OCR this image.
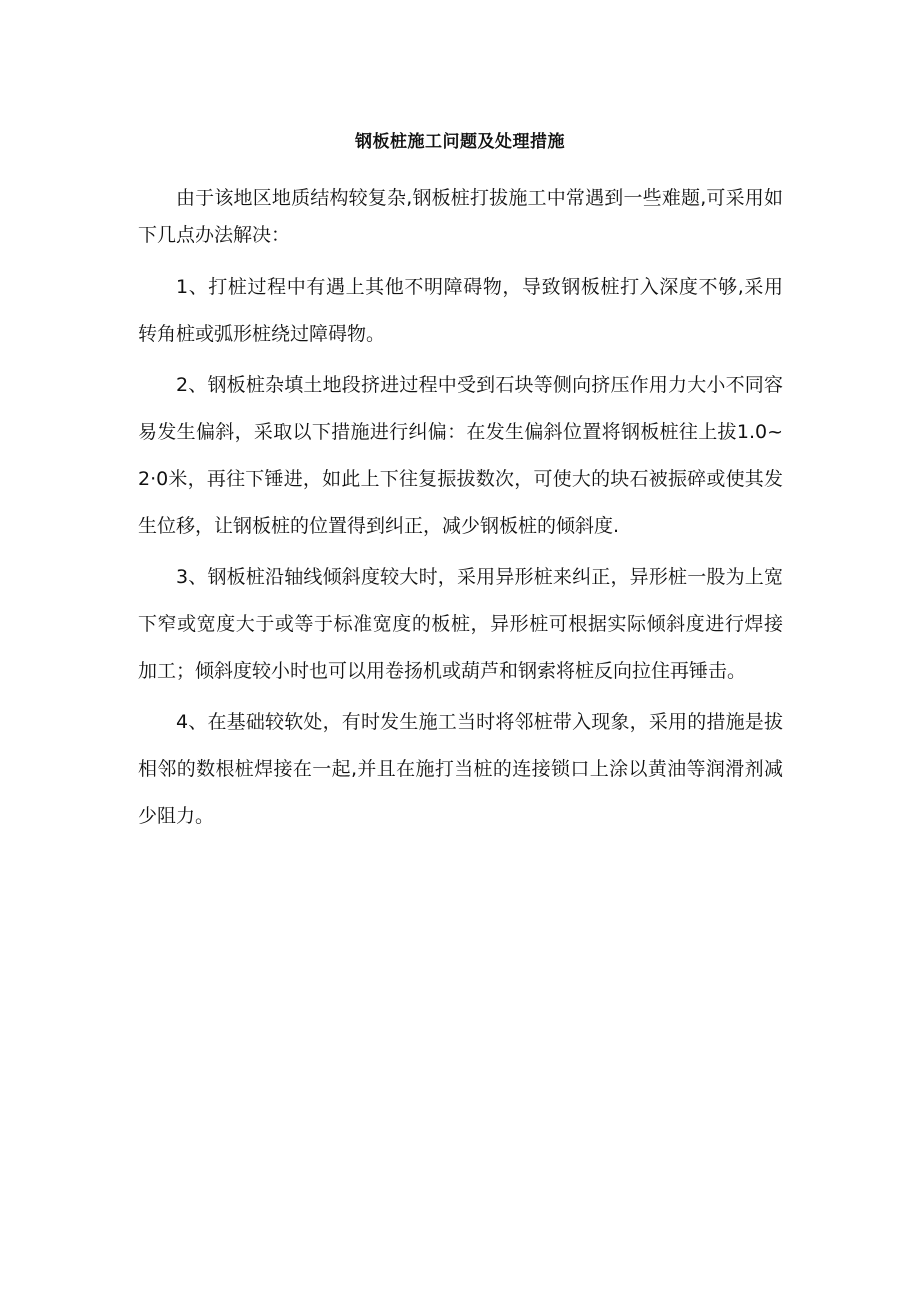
钢板桩施工问题及处理措施

由于该地区地质结构较复杂,钢板桩打拔施工中常遇到一些难题,可采用如下几点办法解决：

1、打桩过程中有遇上其他不明障碍物，导致钢板桩打入深度不够,采用转角桩或弧形桩绕过障碍物。

2、钢板桩杂填土地段挤进过程中受到石块等侧向挤压作用力大小不同容易发生偏斜，采取以下措施进行纠偏：在发生偏斜位置将钢板桩往上拔1.0~2·0米，再往下锤进，如此上下往复振拔数次，可使大的块石被振碎或使其发生位移，让钢板桩的位置得到纠正，减少钢板桩的倾斜度.

3、钢板桩沿轴线倾斜度较大时，采用异形桩来纠正，异形桩一股为上宽下窄或宽度大于或等于标准宽度的板桩，异形桩可根据实际倾斜度进行焊接加工；倾斜度较小时也可以用卷扬机或葫芦和钢索将桩反向拉住再锤击。

4、在基础较软处，有时发生施工当时将邻桩带入现象，采用的措施是拔相邻的数根桩焊接在一起,并且在施打当桩的连接锁口上涂以黄油等润滑剂减少阻力。
